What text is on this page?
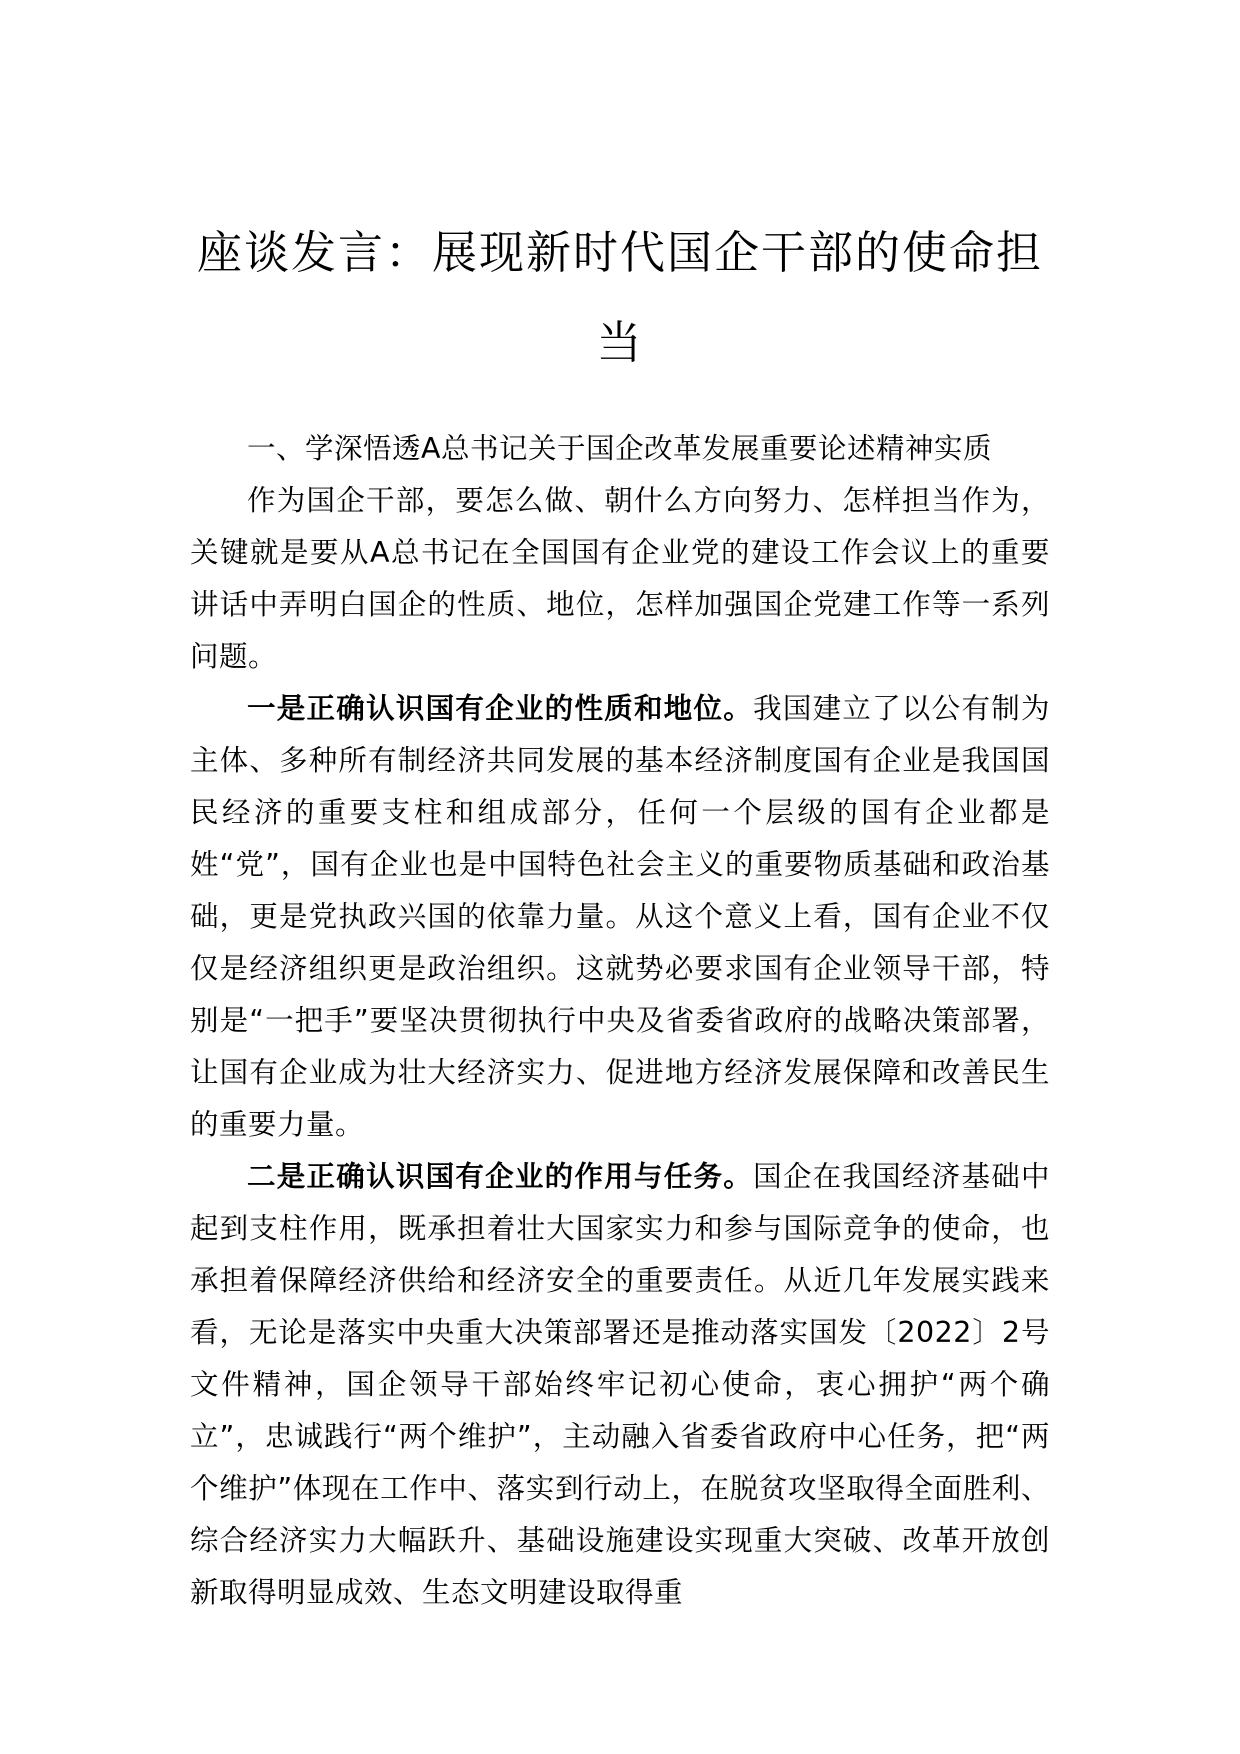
座谈发言：展现新时代国企干部的使命担当

一、学深悟透A总书记关于国企改革发展重要论述精神实质

作为国企干部，要怎么做、朝什么方向努力、怎样担当作为，关键就是要从A总书记在全国国有企业党的建设工作会议上的重要讲话中弄明白国企的性质、地位，怎样加强国企党建工作等一系列问题。

一是正确认识国有企业的性质和地位。我国建立了以公有制为主体、多种所有制经济共同发展的基本经济制度国有企业是我国国民经济的重要支柱和组成部分，任何一个层级的国有企业都是姓“党”，国有企业也是中国特色社会主义的重要物质基础和政治基础，更是党执政兴国的依靠力量。从这个意义上看，国有企业不仅仅是经济组织更是政治组织。这就势必要求国有企业领导干部，特别是“一把手”要坚决贯彻执行中央及省委省政府的战略决策部署，让国有企业成为壮大经济实力、促进地方经济发展保障和改善民生的重要力量。

二是正确认识国有企业的作用与任务。国企在我国经济基础中起到支柱作用，既承担着壮大国家实力和参与国际竞争的使命，也承担着保障经济供给和经济安全的重要责任。从近几年发展实践来看，无论是落实中央重大决策部署还是推动落实国发〔2022〕2号文件精神，国企领导干部始终牢记初心使命，衷心拥护“两个确立”，忠诚践行“两个维护”，主动融入省委省政府中心任务，把“两个维护”体现在工作中、落实到行动上，在脱贫攻坚取得全面胜利、综合经济实力大幅跃升、基础设施建设实现重大突破、改革开放创新取得明显成效、生态文明建设取得重
